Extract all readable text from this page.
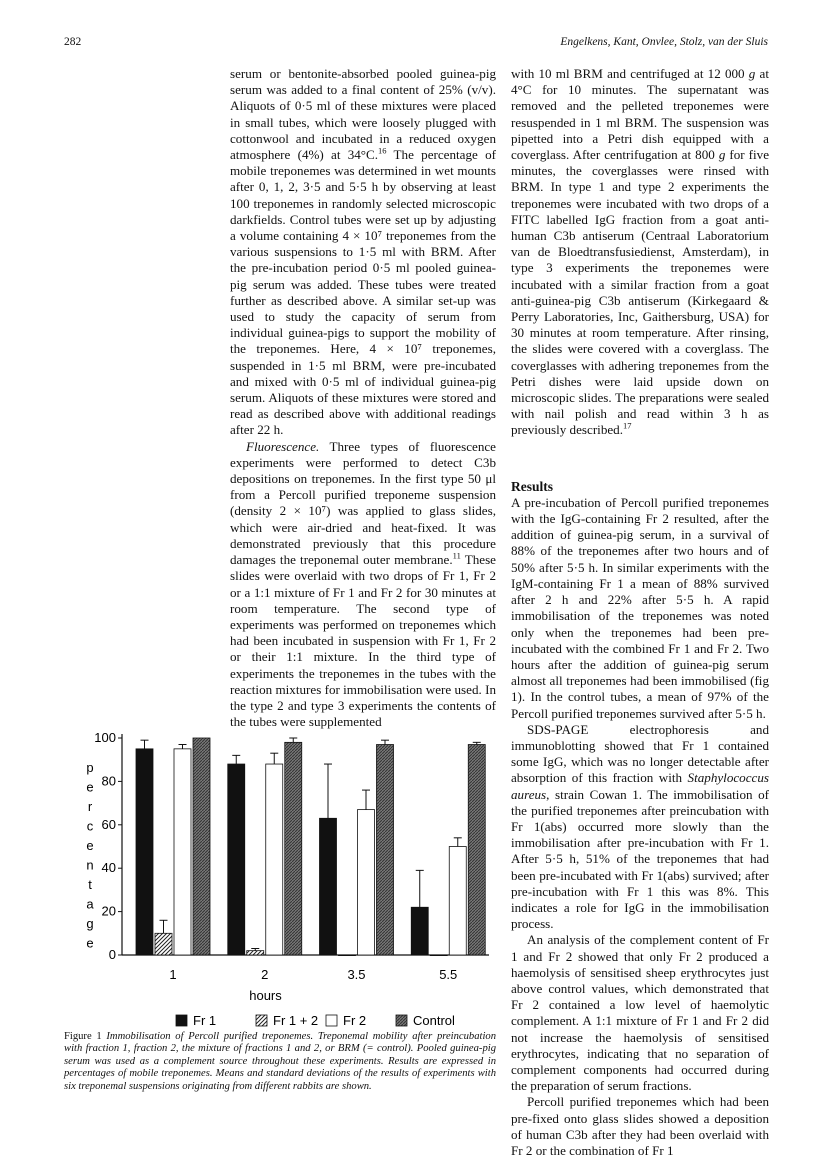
282	Engelkens, Kant, Onvlee, Stolz, van der Sluis

serum or bentonite-absorbed pooled guinea-pig serum was added to a final content of 25% (v/v). Aliquots of 0·5 ml of these mixtures were placed in small tubes, which were loosely plugged with cottonwool and incubated in a reduced oxygen atmosphere (4%) at 34°C.$^{16}$ The percentage of mobile treponemes was determined in wet mounts after 0, 1, 2, 3·5 and 5·5 h by observing at least 100 treponemes in randomly selected microscopic darkfields. Control tubes were set up by adjusting a volume containing 4 × 10⁷ treponemes from the various suspensions to 1·5 ml with BRM. After the pre-incubation period 0·5 ml pooled guinea-pig serum was added. These tubes were treated further as described above. A similar set-up was used to study the capacity of serum from individual guinea-pigs to support the mobility of the treponemes. Here, 4 × 10⁷ treponemes, suspended in 1·5 ml BRM, were pre-incubated and mixed with 0·5 ml of individual guinea-pig serum. Aliquots of these mixtures were stored and read as described above with additional readings after 22 h.

Fluorescence. Three types of fluorescence experiments were performed to detect C3b depositions on treponemes. In the first type 50 μl from a Percoll purified treponeme suspension (density 2 × 10⁷) was applied to glass slides, which were air-dried and heat-fixed. It was demonstrated previously that this procedure damages the treponemal outer membrane.$^{11}$ These slides were overlaid with two drops of Fr 1, Fr 2 or a 1:1 mixture of Fr 1 and Fr 2 for 30 minutes at room temperature. The second type of experiments was performed on treponemes which had been incubated in suspension with Fr 1, Fr 2 or their 1:1 mixture. In the third type of experiments the treponemes in the tubes with the reaction mixtures for immobilisation were used. In the type 2 and type 3 experiments the contents of the tubes were supplemented

with 10 ml BRM and centrifuged at 12 000 g at 4°C for 10 minutes. The supernatant was removed and the pelleted treponemes were resuspended in 1 ml BRM. The suspension was pipetted into a Petri dish equipped with a coverglass. After centrifugation at 800 g for five minutes, the coverglasses were rinsed with BRM. In type 1 and type 2 experiments the treponemes were incubated with two drops of a FITC labelled IgG fraction from a goat anti-human C3b antiserum (Centraal Laboratorium van de Bloedtransfusiedienst, Amsterdam), in type 3 experiments the treponemes were incubated with a similar fraction from a goat anti-guinea-pig C3b antiserum (Kirkegaard & Perry Laboratories, Inc, Gaithersburg, USA) for 30 minutes at room temperature. After rinsing, the slides were covered with a coverglass. The coverglasses with adhering treponemes from the Petri dishes were laid upside down on microscopic slides. The preparations were sealed with nail polish and read within 3 h as previously described.$^{17}$

Results

A pre-incubation of Percoll purified treponemes with the IgG-containing Fr 2 resulted, after the addition of guinea-pig serum, in a survival of 88% of the treponemes after two hours and of 50% after 5·5 h. In similar experiments with the IgM-containing Fr 1 a mean of 88% survived after 2 h and 22% after 5·5 h. A rapid immobilisation of the treponemes was noted only when the treponemes had been pre-incubated with the combined Fr 1 and Fr 2. Two hours after the addition of guinea-pig serum almost all treponemes had been immobilised (fig 1). In the control tubes, a mean of 97% of the Percoll purified treponemes survived after 5·5 h.

SDS-PAGE electrophoresis and immunoblotting showed that Fr 1 contained some IgG, which was no longer detectable after absorption of this fraction with Staphylococcus aureus, strain Cowan 1. The immobilisation of the purified treponemes after preincubation with Fr 1(abs) occurred more slowly than the immobilisation after pre-incubation with Fr 1. After 5·5 h, 51% of the treponemes that had been pre-incubated with Fr 1(abs) survived; after pre-incubation with Fr 1 this was 8%. This indicates a role for IgG in the immobilisation process.

An analysis of the complement content of Fr 1 and Fr 2 showed that only Fr 2 produced a haemolysis of sensitised sheep erythrocytes just above control values, which demonstrated that Fr 2 contained a low level of haemolytic complement. A 1:1 mixture of Fr 1 and Fr 2 did not increase the haemolysis of sensitised erythrocytes, indicating that no separation of complement components had occurred during the preparation of serum fractions.

Percoll purified treponemes which had been pre-fixed onto glass slides showed a deposition of human C3b after they had been overlaid with Fr 2 or the combination of Fr 1

0
20
40
60
80
100
p
e
r
c
e
n
t
a
g
e
1	2	3.5	5.5
hours
Fr 1	Fr 1 + 2 Fr 2	Control
Figure 1 Immobilisation of Percoll purified treponemes. Treponemal mobility after preincubation with fraction 1, fraction 2, the mixture of fractions 1 and 2, or BRM (= control). Pooled guinea-pig serum was used as a complement source throughout these experiments. Results are expressed in percentages of mobile treponemes. Means and standard deviations of the results of experiments with six treponemal suspensions originating from different rabbits are shown.
